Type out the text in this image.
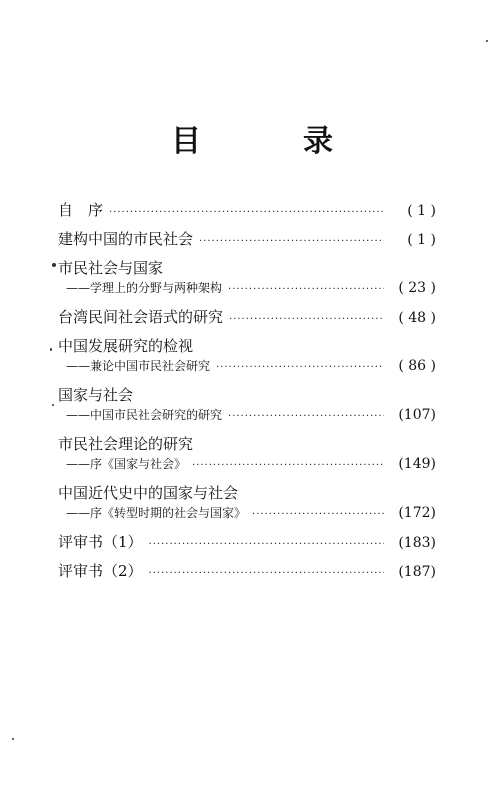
目　录
自　序 ·····	( 1 )
建构中国的市民社会 ·····	( 1 )
市民社会与国家
——学理上的分野与两种架构 ·····	( 23 )
台湾民间社会语式的研究 ·····	( 48 )
中国发展研究的检视
——兼论中国市民社会研究 ·····	( 86 )
国家与社会
——中国市民社会研究的研究 ·····	(107)
市民社会理论的研究
——序《国家与社会》 ·····	(149)
中国近代史中的国家与社会
——序《转型时期的社会与国家》 ·····	(172)
评审书（1） ·····	(183)
评审书（2） ·····	(187)
